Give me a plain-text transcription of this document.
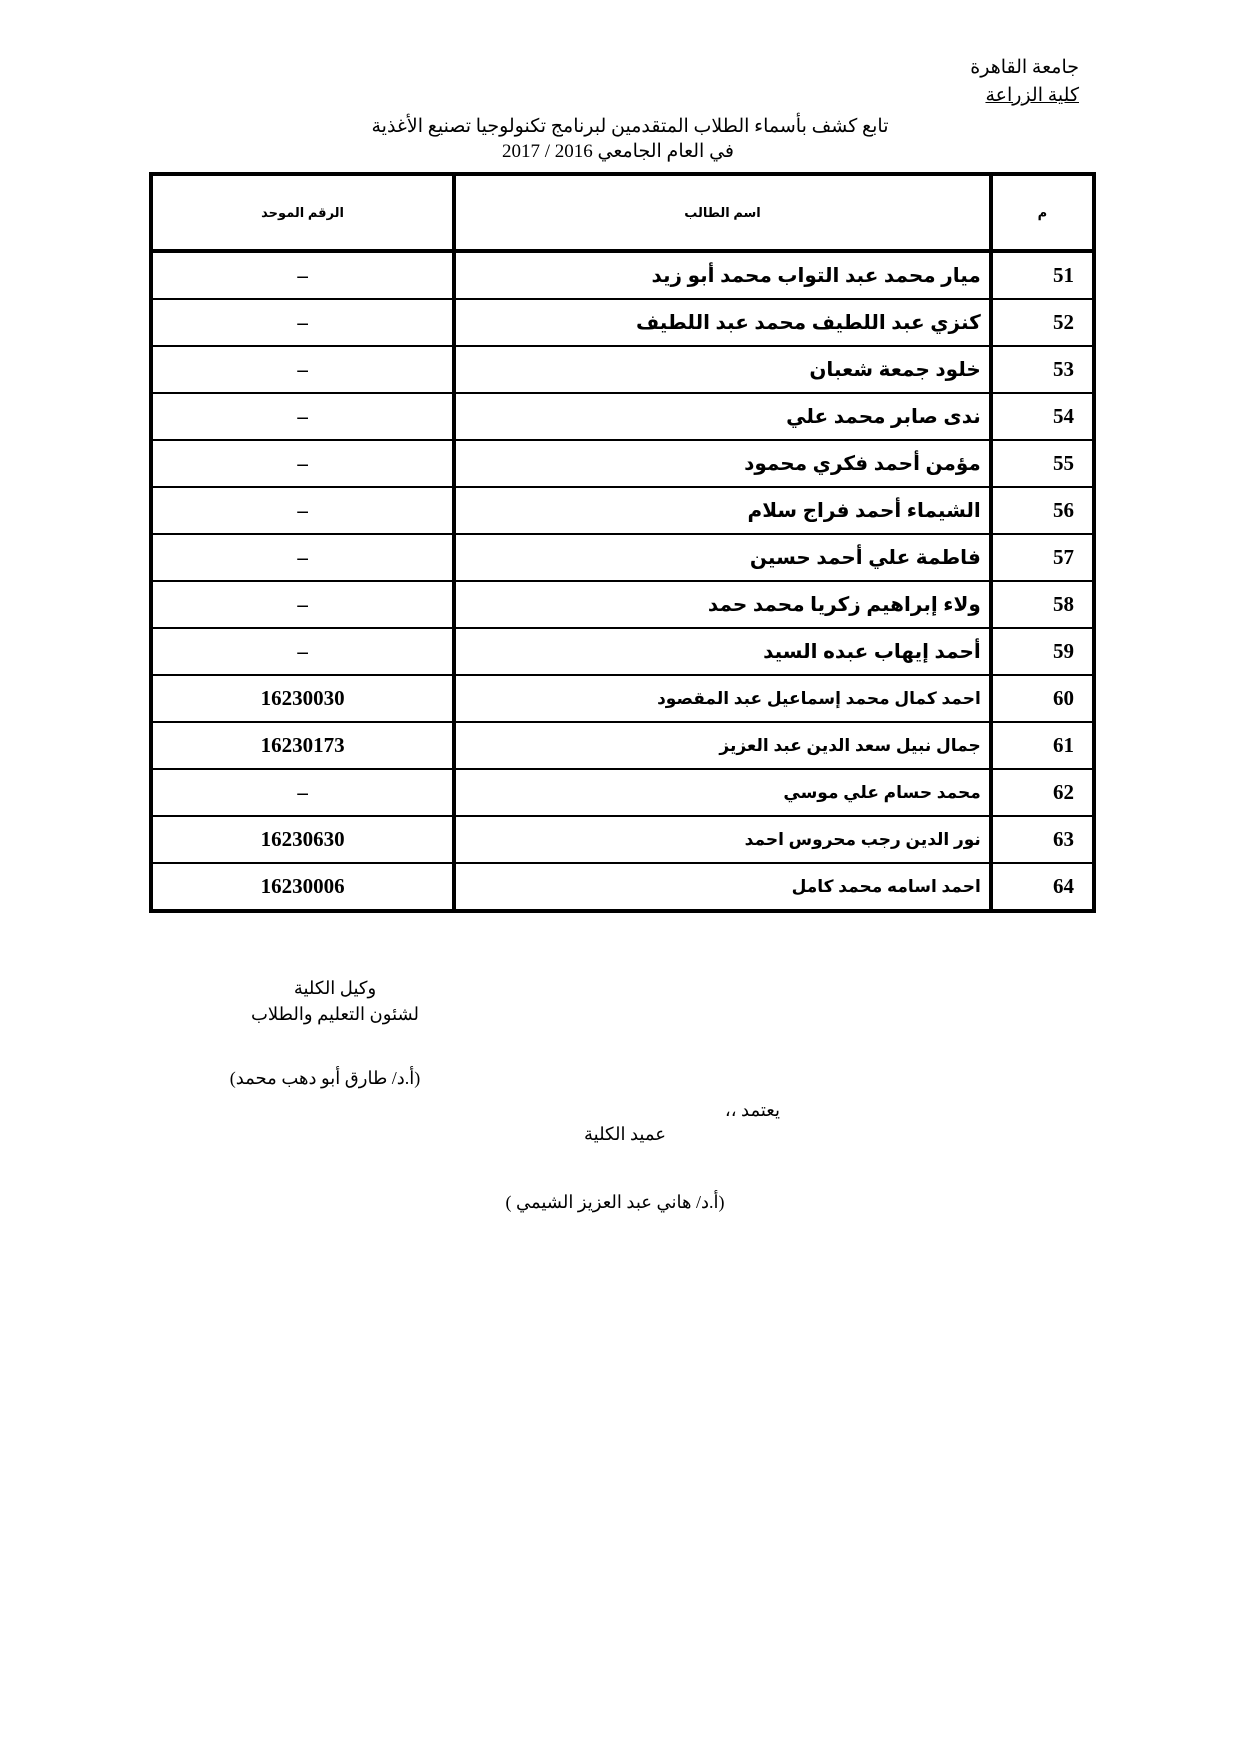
جامعة القاهرة
كلية الزراعة
تابع كشف بأسماء الطلاب المتقدمين لبرنامج تكنولوجيا تصنيع الأغذية
في العام الجامعي 2016 / 2017
م	اسم الطالب	الرقم الموحد
51	ميار محمد عبد التواب محمد أبو زيد	–
52	كنزي عبد اللطيف محمد عبد اللطيف	–
53	خلود جمعة شعبان	–
54	ندى صابر محمد علي	–
55	مؤمن أحمد فكري محمود	–
56	الشيماء أحمد فراج سلام	–
57	فاطمة علي أحمد حسين	–
58	ولاء إبراهيم زكريا محمد حمد	–
59	أحمد إيهاب عبده السيد	–
60	احمد كمال محمد إسماعيل عبد المقصود	16230030
61	جمال نبيل سعد الدين عبد العزيز	16230173
62	محمد حسام علي موسي	–
63	نور الدين رجب محروس احمد	16230630
64	احمد اسامه محمد كامل	16230006
وكيل الكلية
لشئون التعليم والطلاب
(أ.د/ طارق أبو دهب محمد)
يعتمد ،،
عميد الكلية
(أ.د/ هاني عبد العزيز الشيمي )
